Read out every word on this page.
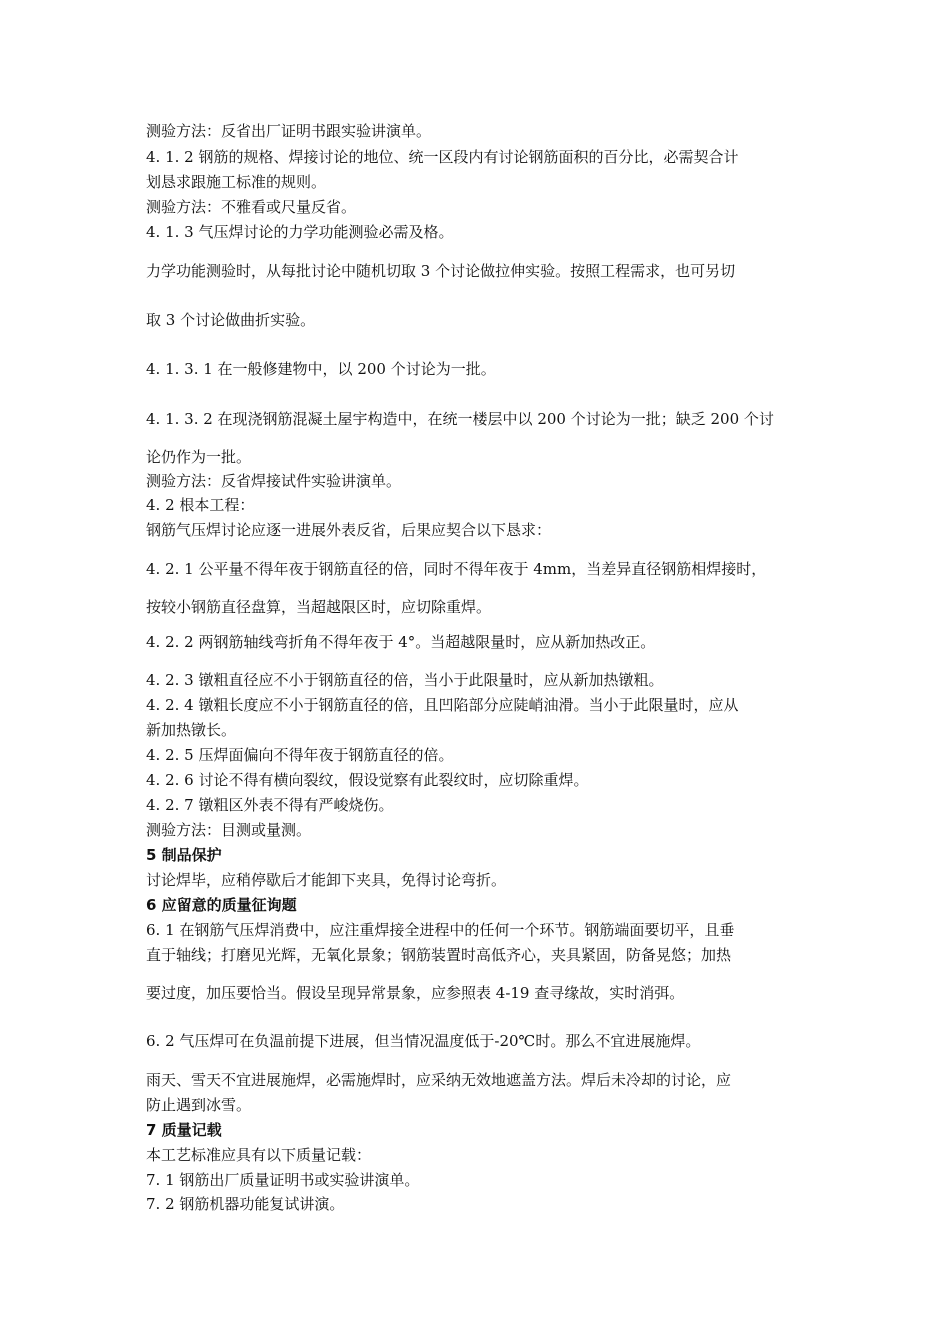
测验方法：反省出厂证明书跟实验讲演单。
4. 1. 2 钢筋的规格、焊接讨论的地位、统一区段内有讨论钢筋面积的百分比，必需契合计
划恳求跟施工标准的规则。
测验方法：不雅看或尺量反省。
4. 1. 3 气压焊讨论的力学功能测验必需及格。
力学功能测验时，从每批讨论中随机切取 3 个讨论做拉伸实验。按照工程需求，也可另切
取 3 个讨论做曲折实验。
4. 1. 3. 1 在一般修建物中，以 200 个讨论为一批。
4. 1. 3. 2 在现浇钢筋混凝土屋宇构造中，在统一楼层中以 200 个讨论为一批；缺乏 200 个讨
论仍作为一批。
测验方法：反省焊接试件实验讲演单。
4. 2 根本工程：
钢筋气压焊讨论应逐一进展外表反省，后果应契合以下恳求：
4. 2. 1 公平量不得年夜于钢筋直径的倍，同时不得年夜于 4mm，当差异直径钢筋相焊接时，
按较小钢筋直径盘算，当超越限区时，应切除重焊。
4. 2. 2 两钢筋轴线弯折角不得年夜于 4°。当超越限量时，应从新加热改正。
4. 2. 3 镦粗直径应不小于钢筋直径的倍，当小于此限量时，应从新加热镦粗。
4. 2. 4 镦粗长度应不小于钢筋直径的倍，且凹陷部分应陡峭油滑。当小于此限量时，应从
新加热镦长。
4. 2. 5 压焊面偏向不得年夜于钢筋直径的倍。
4. 2. 6 讨论不得有横向裂纹，假设觉察有此裂纹时，应切除重焊。
4. 2. 7 镦粗区外表不得有严峻烧伤。
测验方法：目测或量测。
5 制品保护
讨论焊毕，应稍停歇后才能卸下夹具，免得讨论弯折。
6 应留意的质量征询题
6. 1 在钢筋气压焊消费中，应注重焊接全进程中的任何一个环节。钢筋端面要切平，且垂
直于轴线；打磨见光辉，无氧化景象；钢筋装置时高低齐心，夹具紧固，防备晃悠；加热
要过度，加压要恰当。假设呈现异常景象，应参照表 4-19 查寻缘故，实时消弭。
6. 2 气压焊可在负温前提下进展，但当情况温度低于-20℃时。那么不宜进展施焊。
雨天、雪天不宜进展施焊，必需施焊时，应采纳无效地遮盖方法。焊后未冷却的讨论，应
防止遇到冰雪。
7 质量记载
本工艺标准应具有以下质量记载：
7. 1 钢筋出厂质量证明书或实验讲演单。
7. 2 钢筋机器功能复试讲演。
